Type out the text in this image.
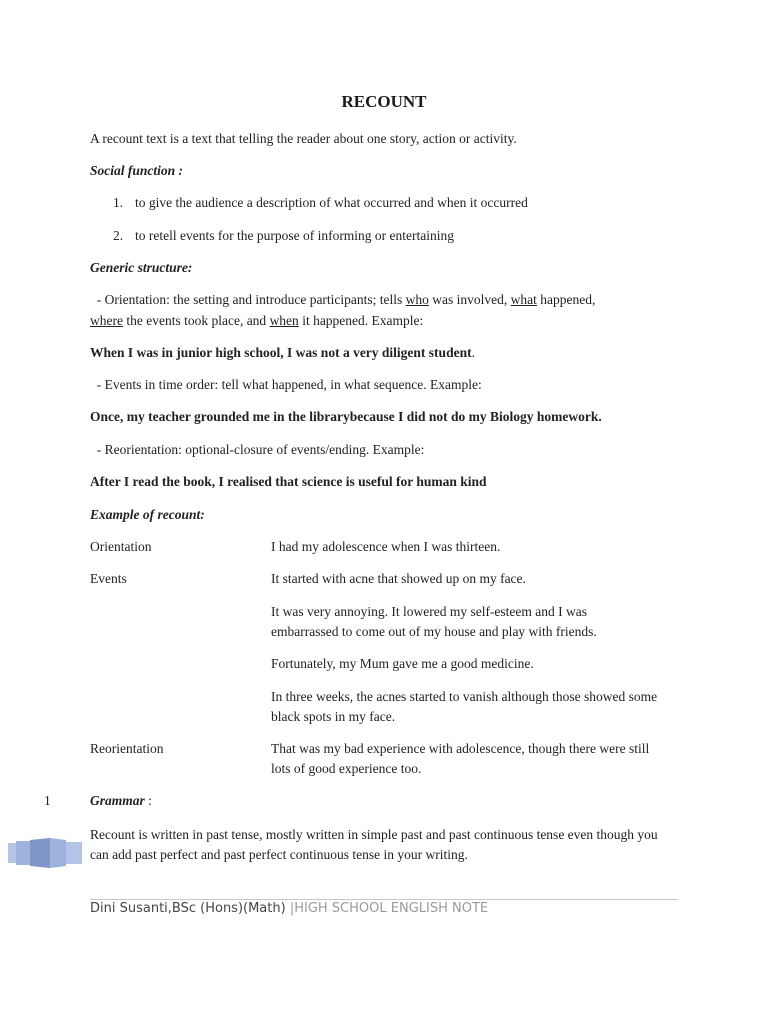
RECOUNT
A recount text is a text that telling the reader about one story, action or activity.
Social function :
1. to give the audience a description of what occurred and when it occurred
2. to retell events for the purpose of informing or entertaining
Generic structure:
- Orientation: the setting and introduce participants; tells who was involved, what happened,
where the events took place, and when it happened. Example:
When I was in junior high school, I was not a very diligent student.
- Events in time order: tell what happened, in what sequence. Example:
Once, my teacher grounded me in the librarybecause I did not do my Biology homework.
- Reorientation: optional-closure of events/ending. Example:
After I read the book, I realised that science is useful for human kind
Example of recount:
Orientation	I had my adolescence when I was thirteen.
Events	It started with acne that showed up on my face.
It was very annoying. It lowered my self-esteem and I was embarrassed to come out of my house and play with friends.
Fortunately, my Mum gave me a good medicine.
In three weeks, the acnes started to vanish although those showed some black spots in my face.
Reorientation	That was my bad experience with adolescence, though there were still lots of good experience too.
1	Grammar :
Recount is written in past tense, mostly written in simple past and past continuous tense even though you can add past perfect and past perfect continuous tense in your writing.
Dini Susanti,BSc (Hons)(Math) |HIGH SCHOOL ENGLISH NOTE
